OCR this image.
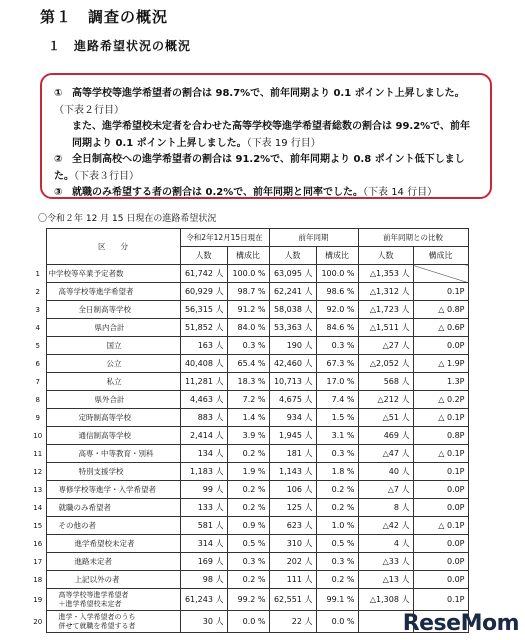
第１　調査の概況
１　進路希望状況の概況

① 高等学校等進学希望者の割合は 98.7%で、前年同期より 0.1 ポイント上昇しました。（下表２行目）

また、進学希望校未定者を合わせた高等学校等進学希望者総数の割合は 99.2%で、前年同期より 0.1 ポイント上昇しました。（下表 19 行目）

② 全日制高校への進学希望者の割合は 91.2%で、前年同期より 0.8 ポイント低下しました。（下表３行目）

③ 就職のみ希望する者の割合は 0.2%で、前年同期と同率でした。（下表 14 行目）

〇令和２年 12 月 15 日現在の進路希望状況
	区　　分	令和2年12月15日現在		前年同期		前年同期との比較	
		人数	構成比	人数	構成比	人数	構成比
1	中学校等卒業予定者数	61,742 人	100.0 %	63,095 人	100.0 %	△1,353 人	
2	高等学校等進学希望者	60,929 人	98.7 %	62,241 人	98.6 %	△1,312 人	0.1P
3	全日制高等学校	56,315 人	91.2 %	58,038 人	92.0 %	△1,723 人	△ 0.8P
4	県内合計	51,852 人	84.0 %	53,363 人	84.6 %	△1,511 人	△ 0.6P
5	国立	163 人	0.3 %	190 人	0.3 %	△27 人	0.0P
6	公立	40,408 人	65.4 %	42,460 人	67.3 %	△2,052 人	△ 1.9P
7	私立	11,281 人	18.3 %	10,713 人	17.0 %	568 人	1.3P
8	県外合計	4,463 人	7.2 %	4,675 人	7.4 %	△212 人	△ 0.2P
9	定時制高等学校	883 人	1.4 %	934 人	1.5 %	△51 人	△ 0.1P
10	通信制高等学校	2,414 人	3.9 %	1,945 人	3.1 %	469 人	0.8P
11	高専・中等教育・別科	134 人	0.2 %	181 人	0.3 %	△47 人	△ 0.1P
12	特別支援学校	1,183 人	1.9 %	1,143 人	1.8 %	40 人	0.1P
13	専修学校等進学・入学希望者	99 人	0.2 %	106 人	0.2 %	△7 人	0.0P
14	就職のみ希望者	133 人	0.2 %	125 人	0.2 %	8 人	0.0P
15	その他の者	581 人	0.9 %	623 人	1.0 %	△42 人	△ 0.1P
16	進学希望校未定者	314 人	0.5 %	310 人	0.5 %	4 人	0.0P
17	進路未定者	169 人	0.3 %	202 人	0.3 %	△33 人	0.0P
18	上記以外の者	98 人	0.2 %	111 人	0.2 %	△13 人	0.0P
19	高等学校等進学希望者
＋進学希望校未定者	61,243 人	99.2 %	62,551 人	99.1 %	△1,308 人	0.1P
20	進学・入学希望者のうち
併せて就職を希望する者	30 人	0.0 %	22 人	0.0 %		ReseMom
